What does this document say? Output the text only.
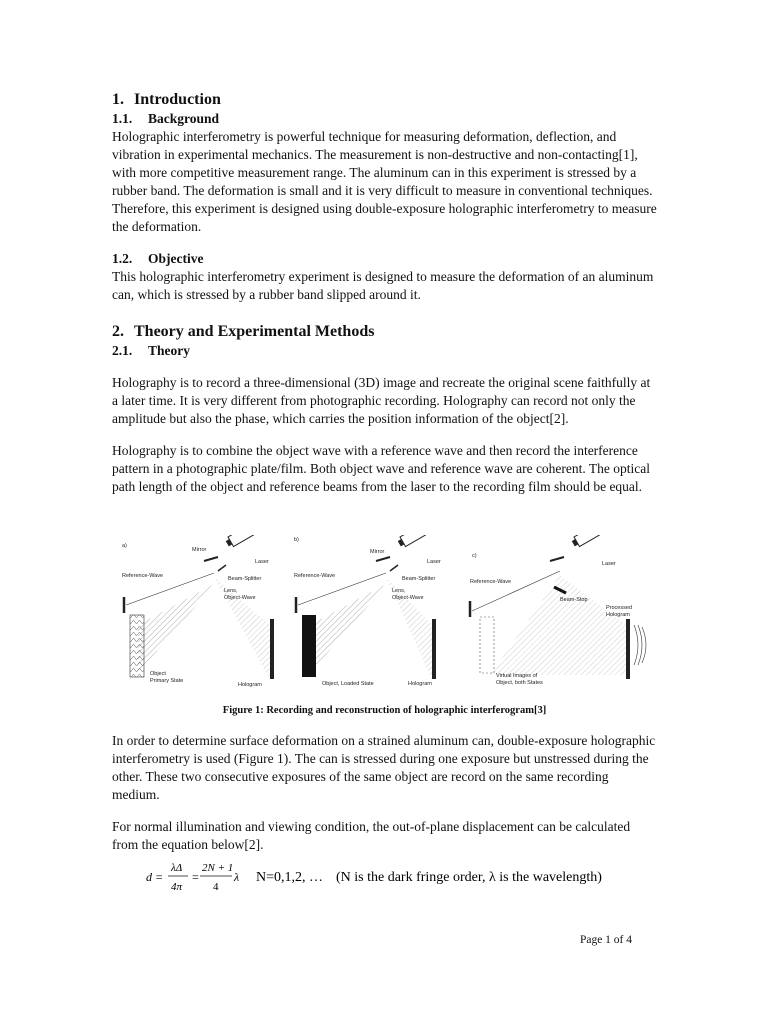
1. Introduction
1.1. Background

Holographic interferometry is powerful technique for measuring deformation, deflection, and vibration in experimental mechanics. The measurement is non-destructive and non-contacting[1], with more competitive measurement range. The aluminum can in this experiment is stressed by a rubber band. The deformation is small and it is very difficult to measure in conventional techniques. Therefore, this experiment is designed using double-exposure holographic interferometry to measure the deformation.

1.2. Objective

This holographic interferometry experiment is designed to measure the deformation of an aluminum can, which is stressed by a rubber band slipped around it.

2. Theory and Experimental Methods
2.1. Theory

Holography is to record a three-dimensional (3D) image and recreate the original scene faithfully at a later time. It is very different from photographic recording. Holography can record not only the amplitude but also the phase, which carries the position information of the object[2].

Holography is to combine the object wave with a reference wave and then record the interference pattern in a photographic plate/film. Both object wave and reference wave are coherent. The optical path length of the object and reference beams from the laser to the recording film should be equal.

a)
Laser
Mirror
Reference-Wave	Beam-Splitter
Lens,
Object-Wave
Object
Primary State
Hologram
b)
Laser
Mirror
Reference-Wave	Beam-Splitter
Lens,
Object-Wave
Object, Loaded State	Hologram
c)
Laser
Reference-Wave
Beam-Stop
Processed
Hologram
Virtual Images of
Object, both States
Figure 1: Recording and reconstruction of holographic interferogram[3]

In order to determine surface deformation on a strained aluminum can, double-exposure holographic interferometry is used (Figure 1). The can is stressed during one exposure but unstressed during the other. These two consecutive exposures of the same object are record on the same recording medium.

For normal illumination and viewing condition, the out-of-plane displacement can be calculated from the equation below[2].

d =
λΔ
4π
=
2N + 1
4
λ N=0,1,2, … (N is the dark fringe order, λ is the wavelength)
Page 1 of 4
